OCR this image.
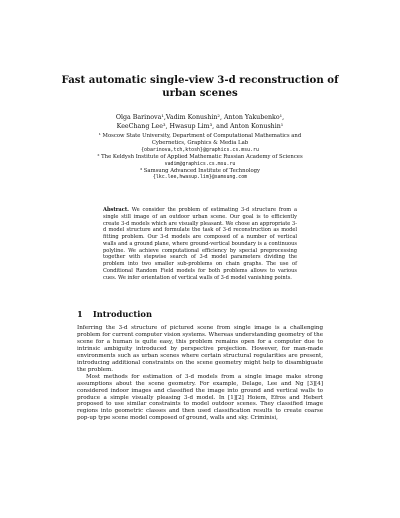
Fast automatic single-view 3-d reconstruction of
urban scenes
Olga Barinova¹,Vadim Konushin², Anton Yakubenko¹,
KeeChang Lee³, Hwasup Lim³, and Anton Konushin¹
¹ Moscow State University, Department of Computational Mathematics and
Cybernetics, Graphics & Media Lab
{obarinova,tch,ktosh}@graphics.cs.msu.ru
² The Keldysh Institute of Applied Mathematic Russian Academy of Sciences
vadim@graphics.cs.msu.ru
³ Samsung Advanced Institute of Technology
{lkc.lee,hwasup.lim}@samsung.com
Abstract. We consider the problem of estimating 3-d structure from a single still image of an outdoor urban scene. Our goal is to efficiently create 3-d models which are visually pleasant. We chose an appropriate 3-d model structure and formulate the task of 3-d reconstruction as model fitting problem. Our 3-d models are composed of a number of vertical walls and a ground plane, where ground-vertical boundary is a continuous polyline. We achieve computational efficiency by special preprocessing together with stepwise search of 3-d model parameters dividing the problem into two smaller sub-problems on chain graphs. The use of Conditional Random Field models for both problems allows to various cues. We infer orientation of vertical walls of 3-d model vanishing points.
1 Introduction

Inferring the 3-d structure of pictured scene from single image is a challenging problem for current computer vision systems. Whereas understanding geometry of the scene for a human is quite easy, this problem remains open for a computer due to intrinsic ambiguity introduced by perspective projection. However, for man-made environments such as urban scenes where certain structural regularities are present, introducing additional constraints on the scene geometry might help to disambiguate the problem.

Most methods for estimation of 3-d models from a single image make strong assumptions about the scene geometry. For example, Delage, Lee and Ng [3][4] considered indoor images and classified the image into ground and vertical walls to produce a simple visually pleasing 3-d model. In [1][2] Hoiem, Efros and Hebert proposed to use similar constraints to model outdoor scenes. They classified image regions into geometric classes and then used classification results to create coarse pop-up type scene model composed of ground, walls and sky. Criminisi,
